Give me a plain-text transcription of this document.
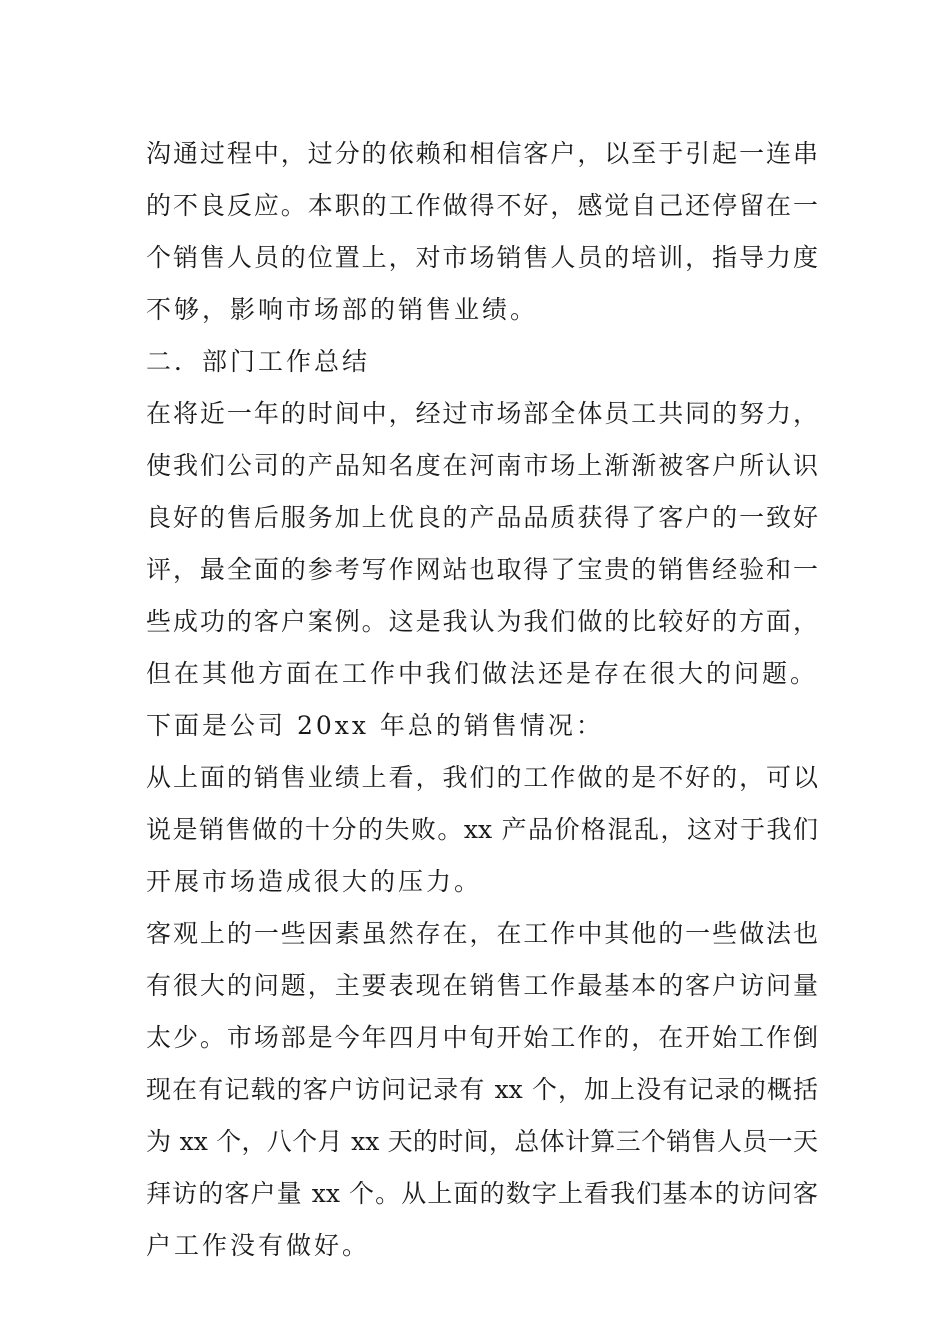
沟通过程中，过分的依赖和相信客户，以至于引起一连串
的不良反应。本职的工作做得不好，感觉自己还停留在一
个销售人员的位置上，对市场销售人员的培训，指导力度
不够，影响市场部的销售业绩。
二．部门工作总结
在将近一年的时间中，经过市场部全体员工共同的努力，
使我们公司的产品知名度在河南市场上渐渐被客户所认识
良好的售后服务加上优良的产品品质获得了客户的一致好
评，最全面的参考写作网站也取得了宝贵的销售经验和一
些成功的客户案例。这是我认为我们做的比较好的方面，
但在其他方面在工作中我们做法还是存在很大的问题。
下面是公司 20xx 年总的销售情况：
从上面的销售业绩上看，我们的工作做的是不好的，可以
说是销售做的十分的失败。xx 产品价格混乱，这对于我们
开展市场造成很大的压力。
客观上的一些因素虽然存在，在工作中其他的一些做法也
有很大的问题，主要表现在销售工作最基本的客户访问量
太少。市场部是今年四月中旬开始工作的，在开始工作倒
现在有记载的客户访问记录有 xx 个，加上没有记录的概括
为 xx 个，八个月 xx 天的时间，总体计算三个销售人员一天
拜访的客户量 xx 个。从上面的数字上看我们基本的访问客
户工作没有做好。
